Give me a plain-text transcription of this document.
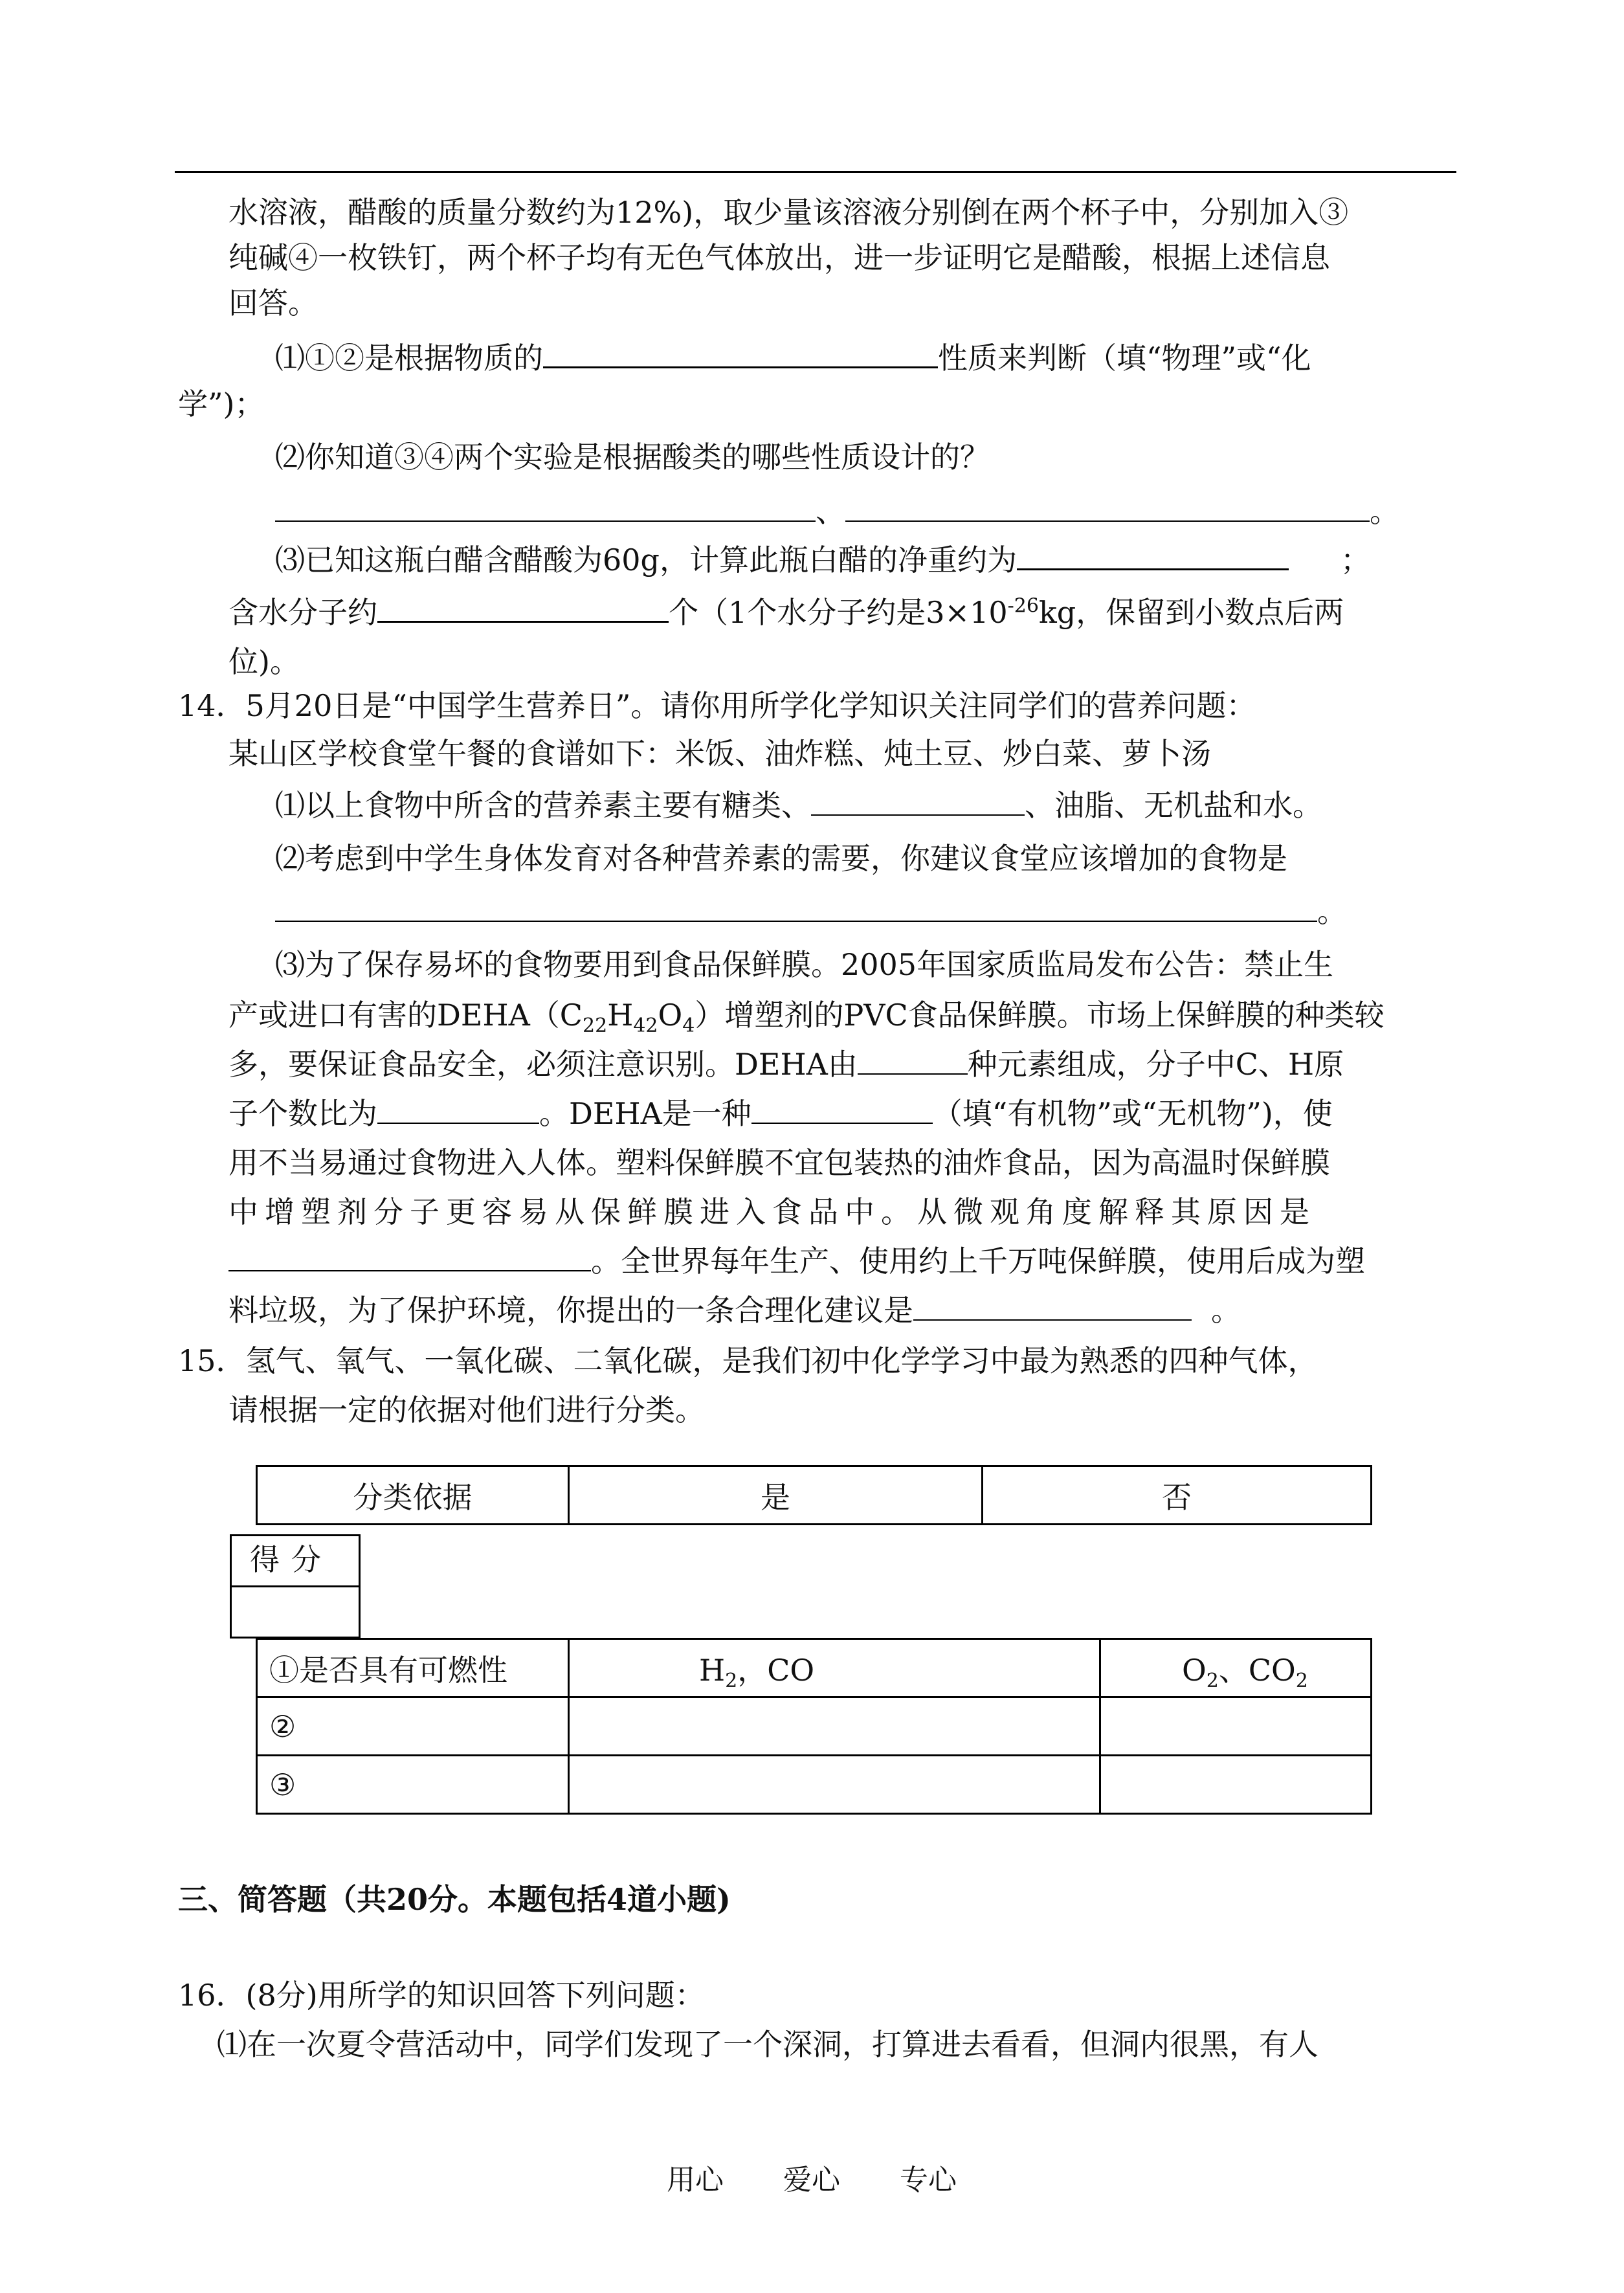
水溶液，醋酸的质量分数约为12%)，取少量该溶液分别倒在两个杯子中，分别加入③
纯碱④一枚铁钉，两个杯子均有无色气体放出，进一步证明它是醋酸，根据上述信息
回答。
⑴①②是根据物质的	性质来判断（填“物理”或“化
学”)；
⑵你知道③④两个实验是根据酸类的哪些性质设计的？
、	。
⑶已知这瓶白醋含醋酸为60g，计算此瓶白醋的净重约为	；
含水分子约	个（1个水分子约是$3\times 10^{-26}kg$，保留到小数点后两
位)。
14．5月20日是“中国学生营养日”。请你用所学化学知识关注同学们的营养问题：
某山区学校食堂午餐的食谱如下：米饭、油炸糕、炖土豆、炒白菜、萝卜汤
⑴以上食物中所含的营养素主要有糖类、	、油脂、无机盐和水。
⑵考虑到中学生身体发育对各种营养素的需要，你建议食堂应该增加的食物是
。
⑶为了保存易坏的食物要用到食品保鲜膜。2005年国家质监局发布公告：禁止生
产或进口有害的$DEHA(C_{22}H_{42}O_4)$增塑剂的PVC食品保鲜膜。市场上保鲜膜的种类较
多，要保证食品安全，必须注意识别。DEHA由	种元素组成，分子中C、H原
子个数比为	。DEHA是一种	（填“有机物”或“无机物”)，使
用不当易通过食物进入人体。塑料保鲜膜不宜包装热的油炸食品，因为高温时保鲜膜
中增塑剂分子更容易从保鲜膜进入食品中。从微观角度解释其原因是
。全世界每年生产、使用约上千万吨保鲜膜，使用后成为塑
料垃圾，为了保护环境，你提出的一条合理化建议是	。
15．氢气、氧气、一氧化碳、二氧化碳，是我们初中化学学习中最为熟悉的四种气体，
请根据一定的依据对他们进行分类。
分类依据	是	否
得分
①是否具有可燃性	$H_2$，CO	$O_2$、$CO_2$
②		
③		
三、简答题（共20分。本题包括4道小题)
16．(8分)用所学的知识回答下列问题：
⑴在一次夏令营活动中，同学们发现了一个深洞，打算进去看看，但洞内很黑，有人
用心 爱心 专心
